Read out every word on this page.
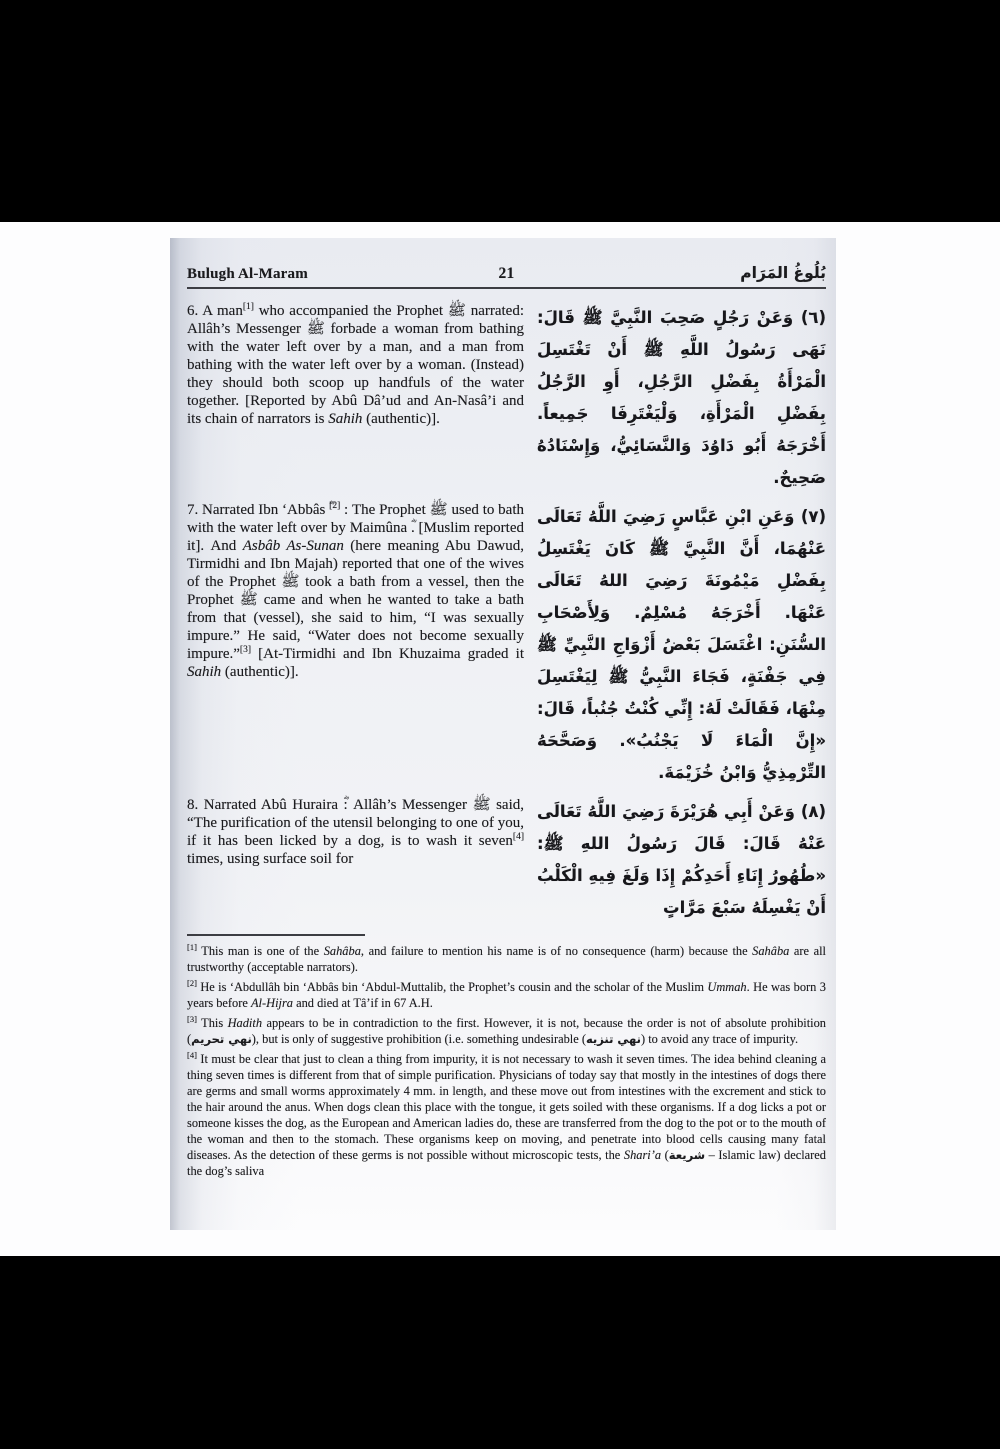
Bulugh Al-Maram	21	بُلُوغُ المَرَام
6. A man[1] who accompanied the Prophet ﷺ narrated: Allâh’s Messenger ﷺ forbade a woman from bathing with the water left over by a man, and a man from bathing with the water left over by a woman. (Instead) they should both scoop up handfuls of the water together. [Reported by Abû Dâ’ud and An-Nasâ’i and its chain of narrators is Sahih (authentic)].
(٦) وَعَنْ رَجُلٍ صَحِبَ النَّبِيَّ ﷺ قَالَ: نَهَى رَسُولُ اللَّهِ ﷺ أَنْ تَغْتَسِلَ الْمَرْأَةُ بِفَضْلِ الرَّجُلِ، أَوِ الرَّجُلُ بِفَضْلِ الْمَرْأَةِ، وَلْيَغْتَرِفَا جَمِيعاً. أَخْرَجَهُ أَبُو دَاوُدَ وَالنَّسَائِيُّ، وَإِسْنَادُهُ صَحِيحٌ.
7. Narrated Ibn ‘Abbâs ؓ[2] : The Prophet ﷺ used to bath with the water left over by Maimûna ؓ. [Muslim reported it]. And Asbâb As-Sunan (here meaning Abu Dawud, Tirmidhi and Ibn Majah) reported that one of the wives of the Prophet ﷺ took a bath from a vessel, then the Prophet ﷺ came and when he wanted to take a bath from that (vessel), she said to him, “I was sexually impure.” He said, “Water does not become sexually impure.”[3] [At-Tirmidhi and Ibn Khuzaima graded it Sahih (authentic)].
(٧) وَعَنِ ابْنِ عَبَّاسٍ رَضِيَ اللَّهُ تَعَالَى عَنْهُمَا، أَنَّ النَّبِيَّ ﷺ كَانَ يَغْتَسِلُ بِفَضْلِ مَيْمُونَةَ رَضِيَ اللهُ تَعَالَى عَنْهَا. أَخْرَجَهُ مُسْلِمٌ. وَلِأَصْحَابِ السُّنَنِ: اغْتَسَلَ بَعْضُ أَزْوَاجِ النَّبِيِّ ﷺ فِي جَفْنَةٍ، فَجَاءَ النَّبِيُّ ﷺ لِيَغْتَسِلَ مِنْهَا، فَقَالَتْ لَهُ: إِنِّي كُنْتُ جُنُباً، قَالَ: «إِنَّ الْمَاءَ لَا يَجْنُبُ». وَصَحَّحَهُ التِّرْمِذِيُّ وَابْنُ خُزَيْمَةَ.
8. Narrated Abû Huraira ؓ: Allâh’s Messenger ﷺ said, “The purification of the utensil belonging to one of you, if it has been licked by a dog, is to wash it seven[4] times, using surface soil for
(٨) وَعَنْ أَبِي هُرَيْرَةَ رَضِيَ اللَّهُ تَعَالَى عَنْهُ قَالَ: قَالَ رَسُولُ اللهِ ﷺ: «طُهُورُ إِنَاءِ أَحَدِكُمْ إِذَا وَلَغَ فِيهِ الْكَلْبُ أَنْ يَغْسِلَهُ سَبْعَ مَرَّاتٍ

[1] This man is one of the Sahâba, and failure to mention his name is of no consequence (harm) because the Sahâba are all trustworthy (acceptable narrators).

[2] He is ‘Abdullâh bin ‘Abbâs bin ‘Abdul-Muttalib, the Prophet’s cousin and the scholar of the Muslim Ummah. He was born 3 years before Al-Hijra and died at Tâ’if in 67 A.H.

[3] This Hadith appears to be in contradiction to the first. However, it is not, because the order is not of absolute prohibition (نهي تحريم), but is only of suggestive prohibition (i.e. something undesirable (نهي تنزيه) to avoid any trace of impurity.

[4] It must be clear that just to clean a thing from impurity, it is not necessary to wash it seven times. The idea behind cleaning a thing seven times is different from that of simple purification. Physicians of today say that mostly in the intestines of dogs there are germs and small worms approximately 4 mm. in length, and these move out from intestines with the excrement and stick to the hair around the anus. When dogs clean this place with the tongue, it gets soiled with these organisms. If a dog licks a pot or someone kisses the dog, as the European and American ladies do, these are transferred from the dog to the pot or to the mouth of the woman and then to the stomach. These organisms keep on moving, and penetrate into blood cells causing many fatal diseases. As the detection of these germs is not possible without microscopic tests, the Shari’a (شريعة – Islamic law) declared the dog’s saliva
